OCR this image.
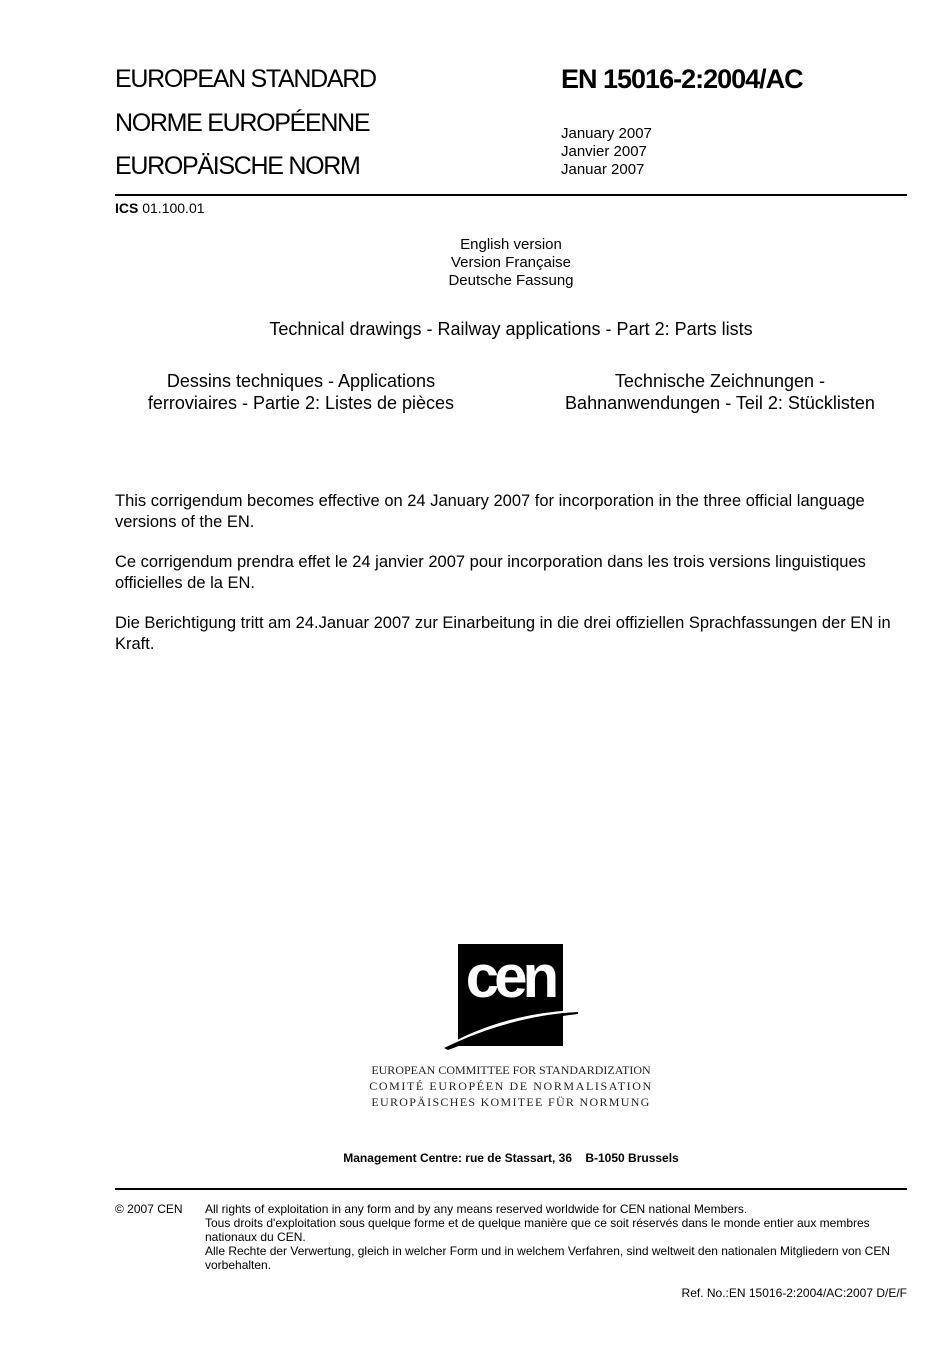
EUROPEAN STANDARD
NORME EUROPÉENNE
EUROPÄISCHE NORM
EN 15016-2:2004/AC
January 2007
Janvier 2007
Januar 2007
ICS 01.100.01
English version
Version Française
Deutsche Fassung
Technical drawings - Railway applications - Part 2: Parts lists
Dessins techniques - Applications
ferroviaires - Partie 2: Listes de pièces
Technische Zeichnungen -
Bahnanwendungen - Teil 2: Stücklisten
This corrigendum becomes effective on 24 January 2007 for incorporation in the three official language versions of the EN.
Ce corrigendum prendra effet le 24 janvier 2007 pour incorporation dans les trois versions linguistiques officielles de la EN.
Die Berichtigung tritt am 24.Januar 2007 zur Einarbeitung in die drei offiziellen Sprachfassungen der EN in Kraft.
cen
EUROPEAN COMMITTEE FOR STANDARDIZATION
COMITÉ EUROPÉEN DE NORMALISATION
EUROPÄISCHES KOMITEE FÜR NORMUNG
Management Centre: rue de Stassart, 36    B-1050 Brussels
© 2007 CEN All rights of exploitation in any form and by any means reserved worldwide for CEN national Members.
Tous droits d'exploitation sous quelque forme et de quelque manière que ce soit réservés dans le monde entier aux membres nationaux du CEN.
Alle Rechte der Verwertung, gleich in welcher Form und in welchem Verfahren, sind weltweit den nationalen Mitgliedern von CEN vorbehalten.
Ref. No.:EN 15016-2:2004/AC:2007 D/E/F
